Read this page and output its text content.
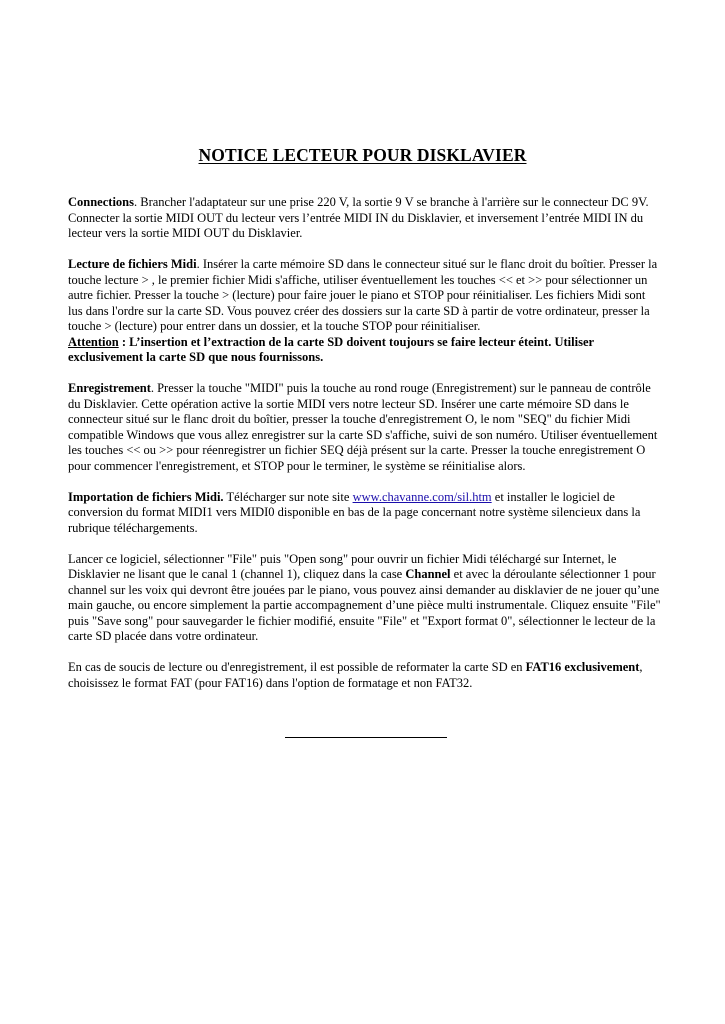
NOTICE LECTEUR POUR DISKLAVIER

Connections. Brancher l'adaptateur sur une prise 220 V, la sortie 9 V se branche à l'arrière sur le connecteur DC 9V. Connecter la sortie MIDI OUT du lecteur vers l’entrée MIDI IN du Disklavier, et inversement l’entrée MIDI IN du lecteur vers la sortie MIDI OUT du Disklavier.

Lecture de fichiers Midi. Insérer la carte mémoire SD dans le connecteur situé sur le flanc droit du boîtier. Presser la touche lecture > , le premier fichier Midi s'affiche, utiliser éventuellement les touches << et >> pour sélectionner un autre fichier. Presser la touche > (lecture) pour faire jouer le piano et STOP pour réinitialiser. Les fichiers Midi sont lus dans l'ordre sur la carte SD. Vous pouvez créer des dossiers sur la carte SD à partir de votre ordinateur, presser la touche > (lecture) pour entrer dans un dossier, et la touche STOP pour réinitialiser.
Attention : L’insertion et l’extraction de la carte SD doivent toujours se faire lecteur éteint. Utiliser exclusivement la carte SD que nous fournissons.

Enregistrement. Presser la touche "MIDI" puis la touche au rond rouge (Enregistrement) sur le panneau de contrôle du Disklavier. Cette opération active la sortie MIDI vers notre lecteur SD. Insérer une carte mémoire SD dans le connecteur situé sur le flanc droit du boîtier, presser la touche d'enregistrement O, le nom "SEQ" du fichier Midi compatible Windows que vous allez enregistrer sur la carte SD s'affiche, suivi de son numéro. Utiliser éventuellement les touches << ou >> pour réenregistrer un fichier SEQ déjà présent sur la carte. Presser la touche enregistrement O pour commencer l'enregistrement, et STOP pour le terminer, le système se réinitialise alors.

Importation de fichiers Midi. Télécharger sur note site www.chavanne.com/sil.htm et installer le logiciel de conversion du format MIDI1 vers MIDI0 disponible en bas de la page concernant notre système silencieux dans la rubrique téléchargements.

Lancer ce logiciel, sélectionner "File" puis "Open song" pour ouvrir un fichier Midi téléchargé sur Internet, le Disklavier ne lisant que le canal 1 (channel 1), cliquez dans la case Channel et avec la déroulante sélectionner 1 pour channel sur les voix qui devront être jouées par le piano, vous pouvez ainsi demander au disklavier de ne jouer qu’une main gauche, ou encore simplement la partie accompagnement d’une pièce multi instrumentale. Cliquez ensuite "File" puis "Save song" pour sauvegarder le fichier modifié, ensuite "File" et "Export format 0", sélectionner le lecteur de la carte SD placée dans votre ordinateur.

En cas de soucis de lecture ou d'enregistrement, il est possible de reformater la carte SD en FAT16 exclusivement, choisissez le format FAT (pour FAT16) dans l'option de formatage et non FAT32.
